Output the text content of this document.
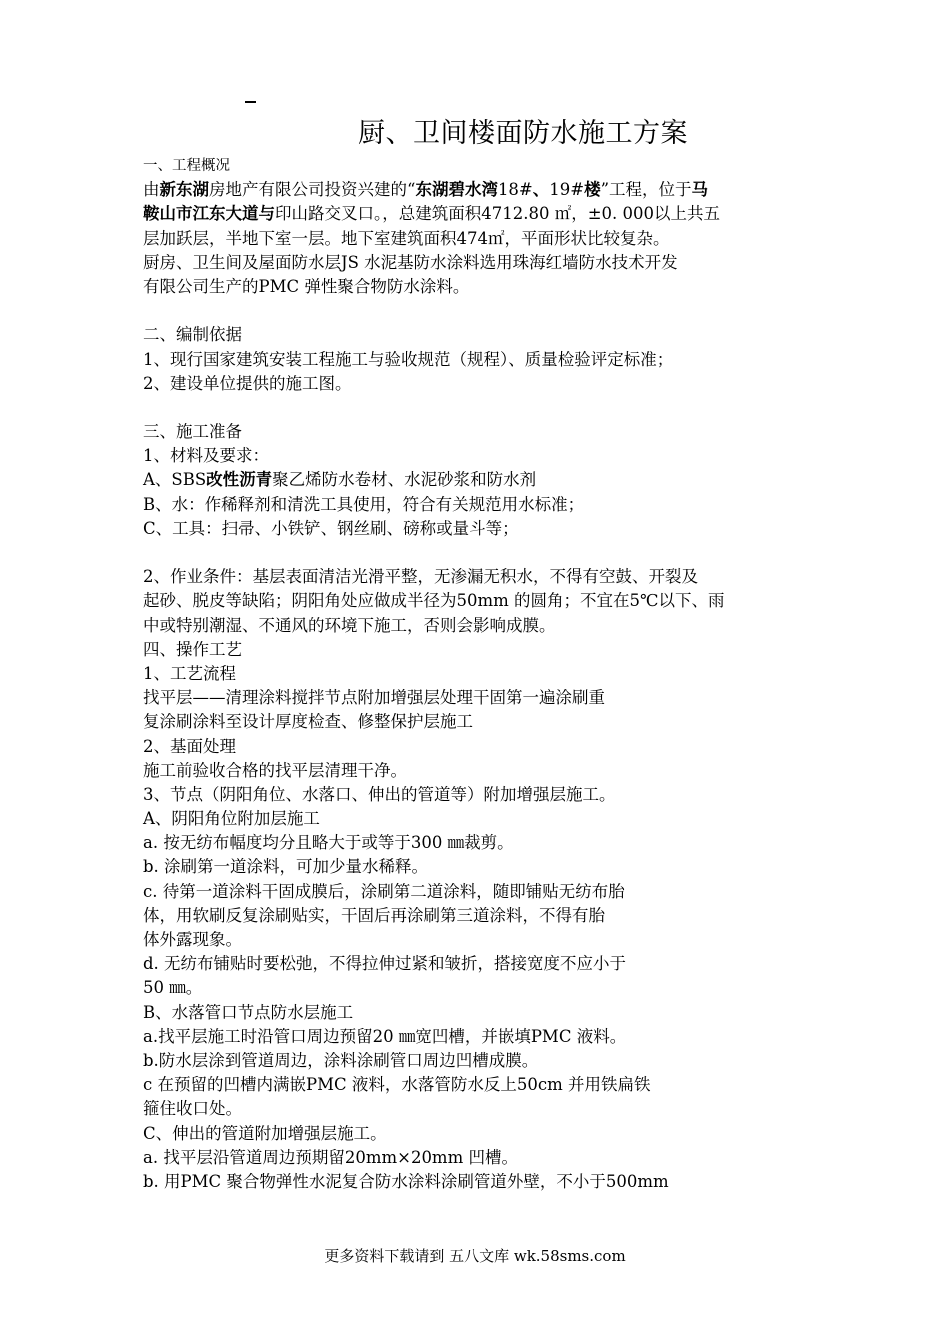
厨、卫间楼面防水施工方案
一、工程概况
由新东湖房地产有限公司投资兴建的“东湖碧水湾18#、19#楼”工程，位于马
鞍山市江东大道与印山路交叉口。，总建筑面积4712.80 ㎡，±0. 000以上共五
层加跃层，半地下室一层。地下室建筑面积474㎡，平面形状比较复杂。
厨房、卫生间及屋面防水层JS 水泥基防水涂料选用珠海红墙防水技术开发
有限公司生产的PMC 弹性聚合物防水涂料。
二、编制依据
1、现行国家建筑安装工程施工与验收规范（规程）、质量检验评定标准；
2、建设单位提供的施工图。
三、施工准备
1、材料及要求：
A、SBS改性沥青聚乙烯防水卷材、水泥砂浆和防水剂
B、水：作稀释剂和清洗工具使用，符合有关规范用水标准；
C、工具：扫帚、小铁铲、钢丝刷、磅称或量斗等；
2、作业条件：基层表面清洁光滑平整，无渗漏无积水，不得有空鼓、开裂及
起砂、脱皮等缺陷；阴阳角处应做成半径为50mm 的圆角；不宜在5℃以下、雨
中或特别潮湿、不通风的环境下施工，否则会影响成膜。
四、操作工艺
1、工艺流程
找平层——清理涂料搅拌节点附加增强层处理干固第一遍涂刷重
复涂刷涂料至设计厚度检查、修整保护层施工
2、基面处理
施工前验收合格的找平层清理干净。
3、节点（阴阳角位、水落口、伸出的管道等）附加增强层施工。
A、阴阳角位附加层施工
a. 按无纺布幅度均分且略大于或等于300 ㎜裁剪。
b. 涂刷第一道涂料，可加少量水稀释。
c. 待第一道涂料干固成膜后，涂刷第二道涂料，随即铺贴无纺布胎
体，用软刷反复涂刷贴实，干固后再涂刷第三道涂料，不得有胎
体外露现象。
d. 无纺布铺贴时要松弛，不得拉伸过紧和皱折，搭接宽度不应小于
50 ㎜。
B、水落管口节点防水层施工
a.找平层施工时沿管口周边预留20 ㎜宽凹槽，并嵌填PMC 液料。
b.防水层涂到管道周边，涂料涂刷管口周边凹槽成膜。
c 在预留的凹槽内满嵌PMC 液料，水落管防水反上50cm 并用铁扁铁
箍住收口处。
C、伸出的管道附加增强层施工。
a. 找平层沿管道周边预期留20mm×20mm 凹槽。
b. 用PMC 聚合物弹性水泥复合防水涂料涂刷管道外壁，不小于500mm
更多资料下载请到 五八文库 wk.58sms.com
